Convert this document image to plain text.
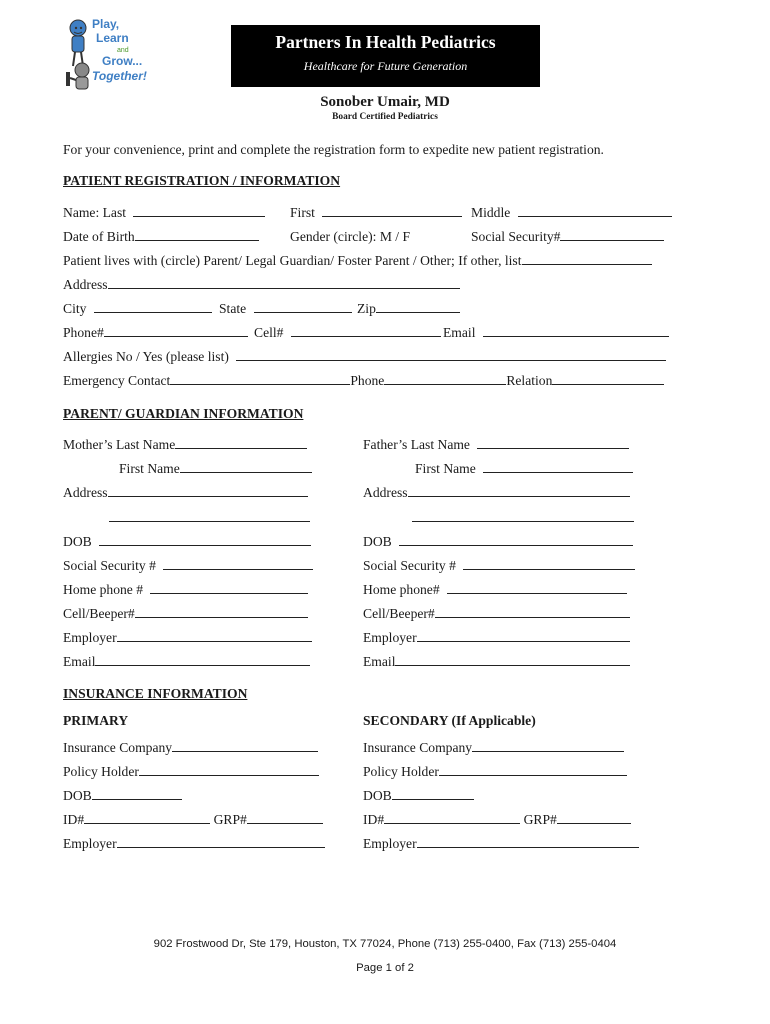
Play,
Learn
and
Grow...
Together!
Partners In Health Pediatrics
Healthcare for Future Generation
Sonober Umair, MD
Board Certified Pediatrics
For your convenience, print and complete the registration form to expedite new patient registration.
PATIENT REGISTRATION / INFORMATION
Name: Last	First	Middle
Date of Birth	Gender (circle): M / F	Social Security#
Patient lives with (circle) Parent/ Legal Guardian/ Foster Parent / Other; If other, list
Address
City	State	Zip
Phone#	Cell#	Email
Allergies No / Yes (please list)
Emergency Contact	Phone	Relation
PARENT/ GUARDIAN INFORMATION
Mother’s Last Name	Father’s Last Name
First Name	First Name
Address	Address
DOB	DOB
Social Security #	Social Security #
Home phone #	Home phone#
Cell/Beeper#	Cell/Beeper#
Employer	Employer
Email	Email
INSURANCE INFORMATION
PRIMARY	SECONDARY (If Applicable)
Insurance Company	Insurance Company
Policy Holder	Policy Holder
DOB	DOB
ID#	GRP#	ID#	GRP#
Employer	Employer
902 Frostwood Dr, Ste 179, Houston, TX 77024, Phone (713) 255-0400, Fax (713) 255-0404
Page 1 of 2
